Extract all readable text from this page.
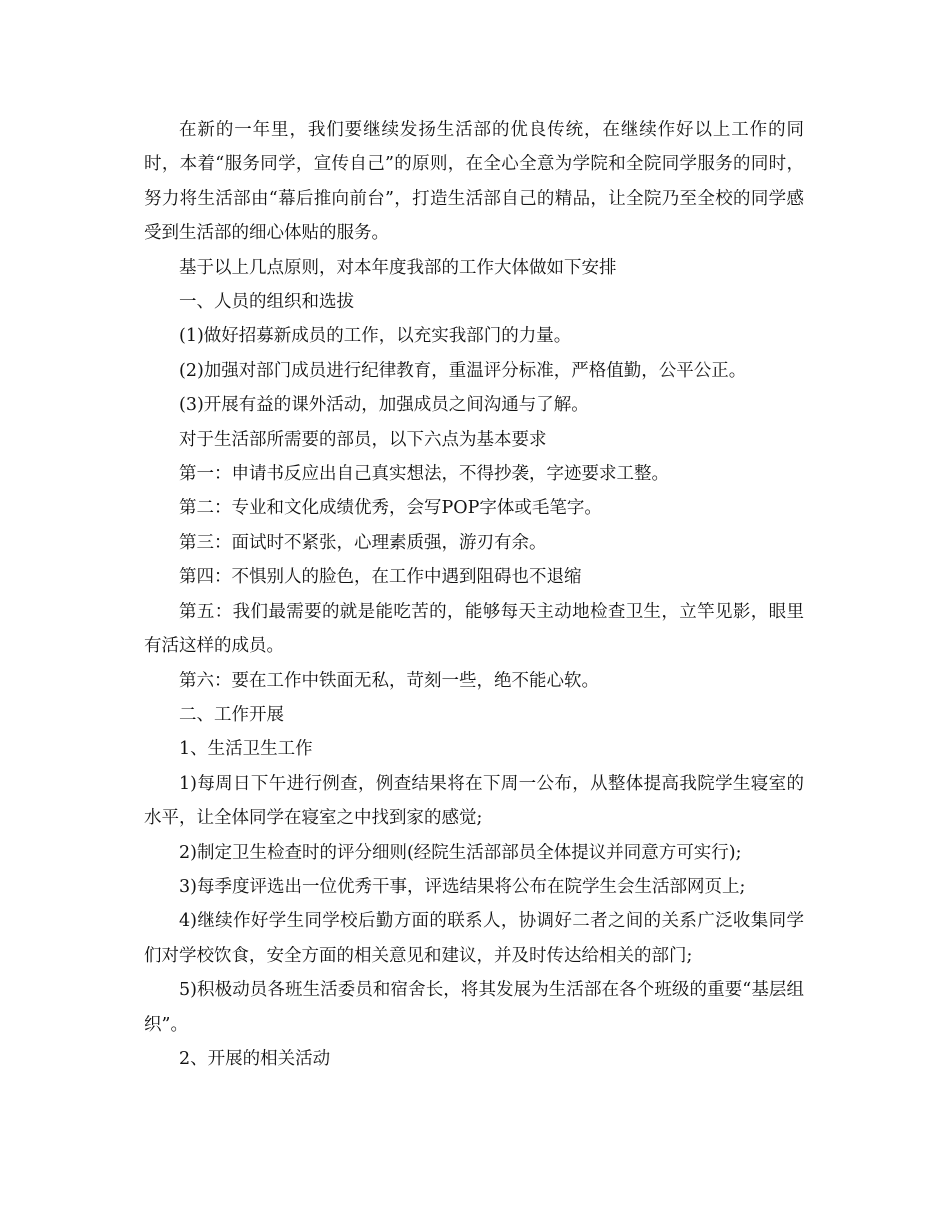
在新的一年里，我们要继续发扬生活部的优良传统，在继续作好以上工作的同时，本着“服务同学，宣传自己”的原则，在全心全意为学院和全院同学服务的同时，努力将生活部由“幕后推向前台”，打造生活部自己的精品，让全院乃至全校的同学感受到生活部的细心体贴的服务。

基于以上几点原则，对本年度我部的工作大体做如下安排

一、人员的组织和选拔

(1)做好招募新成员的工作，以充实我部门的力量。

(2)加强对部门成员进行纪律教育，重温评分标准，严格值勤，公平公正。

(3)开展有益的课外活动，加强成员之间沟通与了解。

对于生活部所需要的部员，以下六点为基本要求

第一：申请书反应出自己真实想法，不得抄袭，字迹要求工整。

第二：专业和文化成绩优秀，会写POP字体或毛笔字。

第三：面试时不紧张，心理素质强，游刃有余。

第四：不惧别人的脸色，在工作中遇到阻碍也不退缩

第五：我们最需要的就是能吃苦的，能够每天主动地检查卫生，立竿见影，眼里有活这样的成员。

第六：要在工作中铁面无私，苛刻一些，绝不能心软。

二、工作开展

1、生活卫生工作

1)每周日下午进行例查，例查结果将在下周一公布，从整体提高我院学生寝室的水平，让全体同学在寝室之中找到家的感觉;

2)制定卫生检查时的评分细则(经院生活部部员全体提议并同意方可实行);

3)每季度评选出一位优秀干事，评选结果将公布在院学生会生活部网页上;

4)继续作好学生同学校后勤方面的联系人，协调好二者之间的关系广泛收集同学们对学校饮食，安全方面的相关意见和建议，并及时传达给相关的部门;

5)积极动员各班生活委员和宿舍长，将其发展为生活部在各个班级的重要“基层组织”。

2、开展的相关活动
